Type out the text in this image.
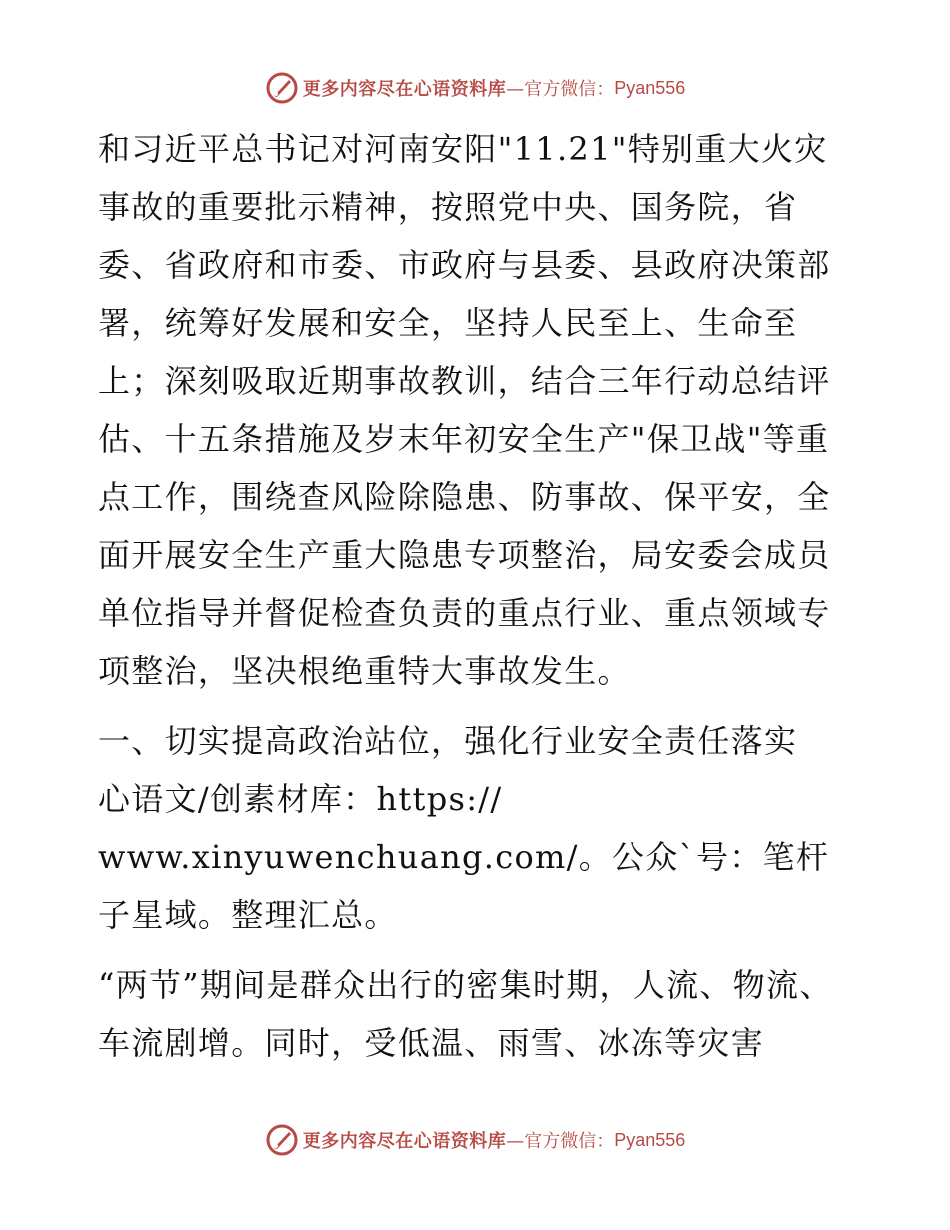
更多内容尽在心语资料库 —官方微信： Pyan556

和习近平总书记对河南安阳"11.21"特别重大火灾事故的重要批示精神，按照党中央、国务院，省委、省政府和市委、市政府与县委、县政府决策部署，统筹好发展和安全，坚持人民至上、生命至上；深刻吸取近期事故教训，结合三年行动总结评估、十五条措施及岁末年初安全生产"保卫战"等重点工作，围绕查风险除隐患、防事故、保平安，全面开展安全生产重大隐患专项整治，局安委会成员单位指导并督促检查负责的重点行业、重点领域专项整治，坚决根绝重特大事故发生。

一、切实提高政治站位，强化行业安全责任落实

心语文/创素材库：https://

www.xinyuwenchuang.com/。公众`号：笔杆子星域。整理汇总。

“两节”期间是群众出行的密集时期，人流、物流、车流剧增。同时，受低温、雨雪、冰冻等灾害

更多内容尽在心语资料库 —官方微信： Pyan556
